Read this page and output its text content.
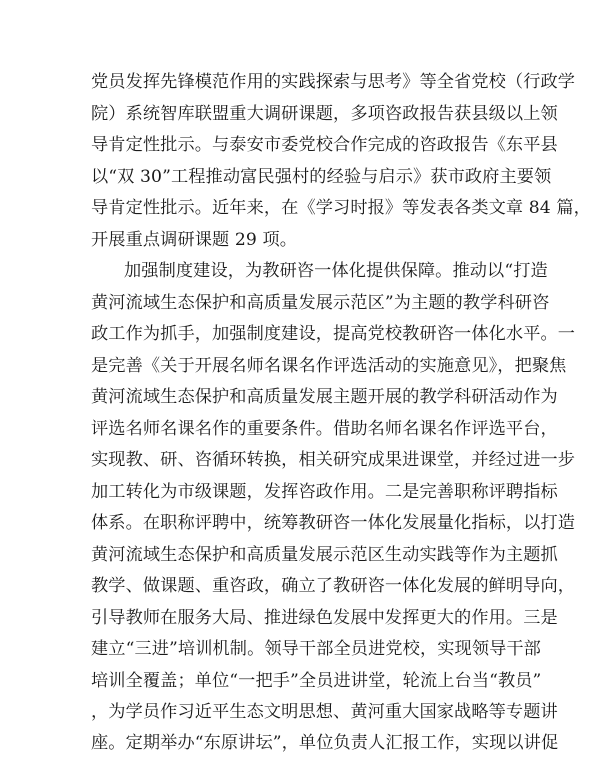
党员发挥先锋模范作用的实践探索与思考》等全省党校（行政学
院）系统智库联盟重大调研课题，多项咨政报告获县级以上领
导肯定性批示。与泰安市委党校合作完成的咨政报告《东平县
以“双 30”工程推动富民强村的经验与启示》获市政府主要领
导肯定性批示。近年来，在《学习时报》等发表各类文章 84 篇，
开展重点调研课题 29 项。
加强制度建设，为教研咨一体化提供保障。推动以“打造
黄河流域生态保护和高质量发展示范区”为主题的教学科研咨
政工作为抓手，加强制度建设，提高党校教研咨一体化水平。一
是完善《关于开展名师名课名作评选活动的实施意见》，把聚焦
黄河流域生态保护和高质量发展主题开展的教学科研活动作为
评选名师名课名作的重要条件。借助名师名课名作评选平台，
实现教、研、咨循环转换，相关研究成果进课堂，并经过进一步
加工转化为市级课题，发挥咨政作用。二是完善职称评聘指标
体系。在职称评聘中，统筹教研咨一体化发展量化指标，以打造
黄河流域生态保护和高质量发展示范区生动实践等作为主题抓
教学、做课题、重咨政，确立了教研咨一体化发展的鲜明导向，
引导教师在服务大局、推进绿色发展中发挥更大的作用。三是
建立“三进”培训机制。领导干部全员进党校，实现领导干部
培训全覆盖；单位“一把手”全员进讲堂，轮流上台当“教员”
，为学员作习近平生态文明思想、黄河重大国家战略等专题讲
座。定期举办“东原讲坛”，单位负责人汇报工作，实现以讲促
